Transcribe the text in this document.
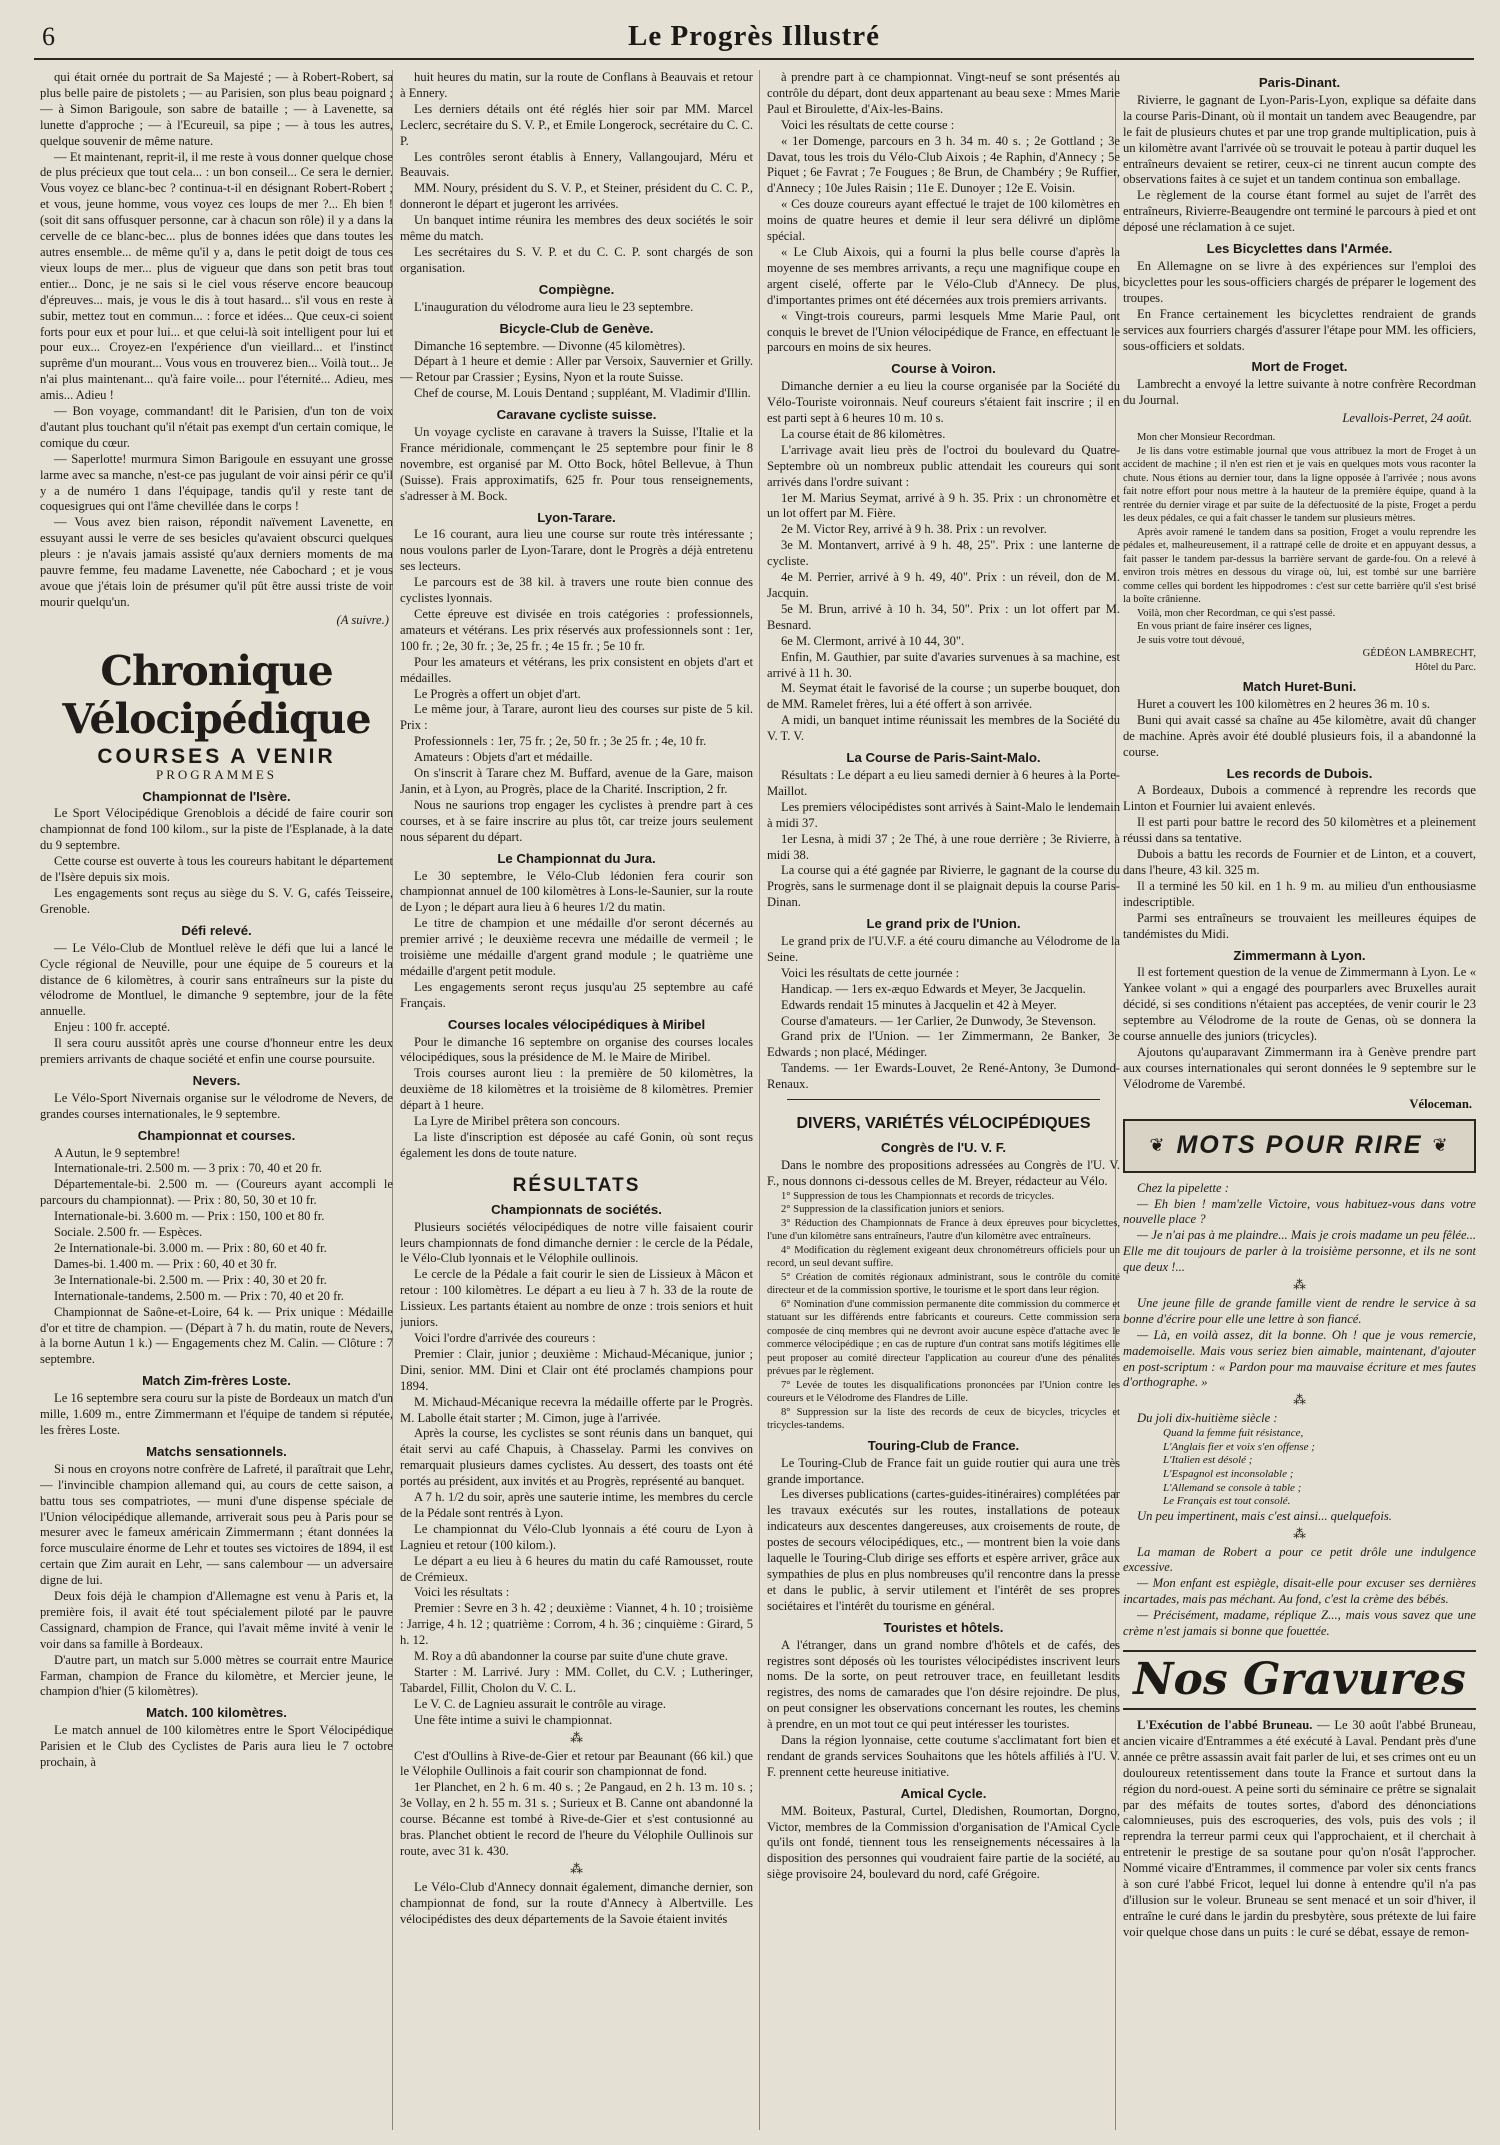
6	Le Progrès Illustré

qui était ornée du portrait de Sa Majesté ; — à Robert-Robert, sa plus belle paire de pistolets ; — au Parisien, son plus beau poignard ; — à Simon Barigoule, son sabre de bataille ; — à Lavenette, sa lunette d'approche ; — à l'Ecureuil, sa pipe ; — à tous les autres, quelque souvenir de même nature.

— Et maintenant, reprit-il, il me reste à vous donner quelque chose de plus précieux que tout cela... : un bon conseil... Ce sera le dernier. Vous voyez ce blanc-bec ? continua-t-il en désignant Robert-Robert ; et vous, jeune homme, vous voyez ces loups de mer ?... Eh bien ! (soit dit sans offusquer personne, car à chacun son rôle) il y a dans la cervelle de ce blanc-bec... plus de bonnes idées que dans toutes les autres ensemble... de même qu'il y a, dans le petit doigt de tous ces vieux loups de mer... plus de vigueur que dans son petit bras tout entier... Donc, je ne sais si le ciel vous réserve encore beaucoup d'épreuves... mais, je vous le dis à tout hasard... s'il vous en reste à subir, mettez tout en commun... : force et idées... Que ceux-ci soient forts pour eux et pour lui... et que celui-là soit intelligent pour lui et pour eux... Croyez-en l'expérience d'un vieillard... et l'instinct suprême d'un mourant... Vous vous en trouverez bien... Voilà tout... Je n'ai plus maintenant... qu'à faire voile... pour l'éternité... Adieu, mes amis... Adieu !

— Bon voyage, commandant! dit le Parisien, d'un ton de voix d'autant plus touchant qu'il n'était pas exempt d'un certain comique, le comique du cœur.

— Saperlotte! murmura Simon Barigoule en essuyant une grosse larme avec sa manche, n'est-ce pas jugulant de voir ainsi périr ce qu'il y a de numéro 1 dans l'équipage, tandis qu'il y reste tant de coquesigrues qui ont l'âme chevillée dans le corps !

— Vous avez bien raison, répondit naïvement Lavenette, en essuyant aussi le verre de ses besicles qu'avaient obscurci quelques pleurs : je n'avais jamais assisté qu'aux derniers moments de ma pauvre femme, feu madame Lavenette, née Cabochard ; et je vous avoue que j'étais loin de présumer qu'il pût être aussi triste de voir mourir quelqu'un.

(A suivre.)

Chronique Vélocipédique
COURSES A VENIR
PROGRAMMES
Championnat de l'Isère.

Le Sport Vélocipédique Grenoblois a décidé de faire courir son championnat de fond 100 kilom., sur la piste de l'Esplanade, à la date du 9 septembre.

Cette course est ouverte à tous les coureurs habitant le département de l'Isère depuis six mois.

Les engagements sont reçus au siège du S. V. G, cafés Teisseire, Grenoble.

Défi relevé.

— Le Vélo-Club de Montluel relève le défi que lui a lancé le Cycle régional de Neuville, pour une équipe de 5 coureurs et la distance de 6 kilomètres, à courir sans entraîneurs sur la piste du vélodrome de Montluel, le dimanche 9 septembre, jour de la fête annuelle.

Enjeu : 100 fr. accepté.

Il sera couru aussitôt après une course d'honneur entre les deux premiers arrivants de chaque société et enfin une course poursuite.

Nevers.

Le Vélo-Sport Nivernais organise sur le vélodrome de Nevers, de grandes courses internationales, le 9 septembre.

Championnat et courses.

A Autun, le 9 septembre!

Internationale-tri. 2.500 m. — 3 prix : 70, 40 et 20 fr.

Départementale-bi. 2.500 m. — (Coureurs ayant accompli le parcours du championnat). — Prix : 80, 50, 30 et 10 fr.

Internationale-bi. 3.600 m. — Prix : 150, 100 et 80 fr.

Sociale. 2.500 fr. — Espèces.

2e Internationale-bi. 3.000 m. — Prix : 80, 60 et 40 fr.

Dames-bi. 1.400 m. — Prix : 60, 40 et 30 fr.

3e Internationale-bi. 2.500 m. — Prix : 40, 30 et 20 fr.

Internationale-tandems, 2.500 m. — Prix : 70, 40 et 20 fr.

Championnat de Saône-et-Loire, 64 k. — Prix unique : Médaille d'or et titre de champion. — (Départ à 7 h. du matin, route de Nevers, à la borne Autun 1 k.) — Engagements chez M. Calin. — Clôture : 7 septembre.

Match Zim-frères Loste.

Le 16 septembre sera couru sur la piste de Bordeaux un match d'un mille, 1.609 m., entre Zimmermann et l'équipe de tandem si réputée, les frères Loste.

Matchs sensationnels.

Si nous en croyons notre confrère de Lafreté, il paraîtrait que Lehr, — l'invincible champion allemand qui, au cours de cette saison, a battu tous ses compatriotes, — muni d'une dispense spéciale de l'Union vélocipédique allemande, arriverait sous peu à Paris pour se mesurer avec le fameux américain Zimmermann ; étant données la force musculaire énorme de Lehr et toutes ses victoires de 1894, il est certain que Zim aurait en Lehr, — sans calembour — un adversaire digne de lui.

Deux fois déjà le champion d'Allemagne est venu à Paris et, la première fois, il avait été tout spécialement piloté par le pauvre Cassignard, champion de France, qui l'avait même invité à venir le voir dans sa famille à Bordeaux.

D'autre part, un match sur 5.000 mètres se courrait entre Maurice Farman, champion de France du kilomètre, et Mercier jeune, le champion d'hier (5 kilomètres).

Match. 100 kilomètres.

Le match annuel de 100 kilomètres entre le Sport Vélocipédique Parisien et le Club des Cyclistes de Paris aura lieu le 7 octobre prochain, à

huit heures du matin, sur la route de Conflans à Beauvais et retour à Ennery.

Les derniers détails ont été réglés hier soir par MM. Marcel Leclerc, secrétaire du S. V. P., et Emile Longerock, secrétaire du C. C. P.

Les contrôles seront établis à Ennery, Vallangoujard, Méru et Beauvais.

MM. Noury, président du S. V. P., et Steiner, président du C. C. P., donneront le départ et jugeront les arrivées.

Un banquet intime réunira les membres des deux sociétés le soir même du match.

Les secrétaires du S. V. P. et du C. C. P. sont chargés de son organisation.

Compiègne.

L'inauguration du vélodrome aura lieu le 23 septembre.

Bicycle-Club de Genève.

Dimanche 16 septembre. — Divonne (45 kilomètres).

Départ à 1 heure et demie : Aller par Versoix, Sauvernier et Grilly. — Retour par Crassier ; Eysins, Nyon et la route Suisse.

Chef de course, M. Louis Dentand ; suppléant, M. Vladimir d'Illin.

Caravane cycliste suisse.

Un voyage cycliste en caravane à travers la Suisse, l'Italie et la France méridionale, commençant le 25 septembre pour finir le 8 novembre, est organisé par M. Otto Bock, hôtel Bellevue, à Thun (Suisse). Frais approximatifs, 625 fr. Pour tous renseignements, s'adresser à M. Bock.

Lyon-Tarare.

Le 16 courant, aura lieu une course sur route très intéressante ; nous voulons parler de Lyon-Tarare, dont le Progrès a déjà entretenu ses lecteurs.

Le parcours est de 38 kil. à travers une route bien connue des cyclistes lyonnais.

Cette épreuve est divisée en trois catégories : professionnels, amateurs et vétérans. Les prix réservés aux professionnels sont : 1er, 100 fr. ; 2e, 30 fr. ; 3e, 25 fr. ; 4e 15 fr. ; 5e 10 fr.

Pour les amateurs et vétérans, les prix consistent en objets d'art et médailles.

Le Progrès a offert un objet d'art.

Le même jour, à Tarare, auront lieu des courses sur piste de 5 kil. Prix :

Professionnels : 1er, 75 fr. ; 2e, 50 fr. ; 3e 25 fr. ; 4e, 10 fr.

Amateurs : Objets d'art et médaille.

On s'inscrit à Tarare chez M. Buffard, avenue de la Gare, maison Janin, et à Lyon, au Progrès, place de la Charité. Inscription, 2 fr.

Nous ne saurions trop engager les cyclistes à prendre part à ces courses, et à se faire inscrire au plus tôt, car treize jours seulement nous séparent du départ.

Le Championnat du Jura.

Le 30 septembre, le Vélo-Club lédonien fera courir son championnat annuel de 100 kilomètres à Lons-le-Saunier, sur la route de Lyon ; le départ aura lieu à 6 heures 1/2 du matin.

Le titre de champion et une médaille d'or seront décernés au premier arrivé ; le deuxième recevra une médaille de vermeil ; le troisième une médaille d'argent grand module ; le quatrième une médaille d'argent petit module.

Les engagements seront reçus jusqu'au 25 septembre au café Français.

Courses locales vélocipédiques à Miribel

Pour le dimanche 16 septembre on organise des courses locales vélocipédiques, sous la présidence de M. le Maire de Miribel.

Trois courses auront lieu : la première de 50 kilomètres, la deuxième de 18 kilomètres et la troisième de 8 kilomètres. Premier départ à 1 heure.

La Lyre de Miribel prêtera son concours.

La liste d'inscription est déposée au café Gonin, où sont reçus également les dons de toute nature.

RÉSULTATS
Championnats de sociétés.

Plusieurs sociétés vélocipédiques de notre ville faisaient courir leurs championnats de fond dimanche dernier : le cercle de la Pédale, le Vélo-Club lyonnais et le Vélophile oullinois.

Le cercle de la Pédale a fait courir le sien de Lissieux à Mâcon et retour : 100 kilomètres. Le départ a eu lieu à 7 h. 33 de la route de Lissieux. Les partants étaient au nombre de onze : trois seniors et huit juniors.

Voici l'ordre d'arrivée des coureurs :

Premier : Clair, junior ; deuxième : Michaud-Mécanique, junior ; Dini, senior. MM. Dini et Clair ont été proclamés champions pour 1894.

M. Michaud-Mécanique recevra la médaille offerte par le Progrès. M. Labolle était starter ; M. Cimon, juge à l'arrivée.

Après la course, les cyclistes se sont réunis dans un banquet, qui était servi au café Chapuis, à Chasselay. Parmi les convives on remarquait plusieurs dames cyclistes. Au dessert, des toasts ont été portés au président, aux invités et au Progrès, représenté au banquet.

A 7 h. 1/2 du soir, après une sauterie intime, les membres du cercle de la Pédale sont rentrés à Lyon.

Le championnat du Vélo-Club lyonnais a été couru de Lyon à Lagnieu et retour (100 kilom.).

Le départ a eu lieu à 6 heures du matin du café Ramousset, route de Crémieux.

Voici les résultats :

Premier : Sevre en 3 h. 42 ; deuxième : Viannet, 4 h. 10 ; troisième : Jarrige, 4 h. 12 ; quatrième : Corrom, 4 h. 36 ; cinquième : Girard, 5 h. 12.

M. Roy a dû abandonner la course par suite d'une chute grave.

Starter : M. Larrivé. Jury : MM. Collet, du C.V. ; Lutheringer, Tabardel, Fillit, Cholon du V. C. L.

Le V. C. de Lagnieu assurait le contrôle au virage.

Une fête intime a suivi le championnat.

⁂

C'est d'Oullins à Rive-de-Gier et retour par Beaunant (66 kil.) que le Vélophile Oullinois a fait courir son championnat de fond.

1er Planchet, en 2 h. 6 m. 40 s. ; 2e Pangaud, en 2 h. 13 m. 10 s. ; 3e Vollay, en 2 h. 55 m. 31 s. ; Surieux et B. Canne ont abandonné la course. Bécanne est tombé à Rive-de-Gier et s'est contusionné au bras. Planchet obtient le record de l'heure du Vélophile Oullinois sur route, avec 31 k. 430.

⁂

Le Vélo-Club d'Annecy donnait également, dimanche dernier, son championnat de fond, sur la route d'Annecy à Albertville. Les vélocipédistes des deux départements de la Savoie étaient invités

à prendre part à ce championnat. Vingt-neuf se sont présentés au contrôle du départ, dont deux appartenant au beau sexe : Mmes Marie Paul et Biroulette, d'Aix-les-Bains.

Voici les résultats de cette course :

« 1er Domenge, parcours en 3 h. 34 m. 40 s. ; 2e Gottland ; 3e Davat, tous les trois du Vélo-Club Aixois ; 4e Raphin, d'Annecy ; 5e Piquet ; 6e Favrat ; 7e Fougues ; 8e Brun, de Chambéry ; 9e Ruffier, d'Annecy ; 10e Jules Raisin ; 11e E. Dunoyer ; 12e E. Voisin.

« Ces douze coureurs ayant effectué le trajet de 100 kilomètres en moins de quatre heures et demie il leur sera délivré un diplôme spécial.

« Le Club Aixois, qui a fourni la plus belle course d'après la moyenne de ses membres arrivants, a reçu une magnifique coupe en argent ciselé, offerte par le Vélo-Club d'Annecy. De plus, d'importantes primes ont été décernées aux trois premiers arrivants.

« Vingt-trois coureurs, parmi lesquels Mme Marie Paul, ont conquis le brevet de l'Union vélocipédique de France, en effectuant le parcours en moins de six heures.

Course à Voiron.

Dimanche dernier a eu lieu la course organisée par la Société du Vélo-Touriste voironnais. Neuf coureurs s'étaient fait inscrire ; il en est parti sept à 6 heures 10 m. 10 s.

La course était de 86 kilomètres.

L'arrivage avait lieu près de l'octroi du boulevard du Quatre-Septembre où un nombreux public attendait les coureurs qui sont arrivés dans l'ordre suivant :

1er M. Marius Seymat, arrivé à 9 h. 35. Prix : un chronomètre et un lot offert par M. Fière.

2e M. Victor Rey, arrivé à 9 h. 38. Prix : un revolver.

3e M. Montanvert, arrivé à 9 h. 48, 25". Prix : une lanterne de cycliste.

4e M. Perrier, arrivé à 9 h. 49, 40". Prix : un réveil, don de M. Jacquin.

5e M. Brun, arrivé à 10 h. 34, 50". Prix : un lot offert par M. Besnard.

6e M. Clermont, arrivé à 10 44, 30".

Enfin, M. Gauthier, par suite d'avaries survenues à sa machine, est arrivé à 11 h. 30.

M. Seymat était le favorisé de la course ; un superbe bouquet, don de MM. Ramelet frères, lui a été offert à son arrivée.

A midi, un banquet intime réunissait les membres de la Société du V. T. V.

La Course de Paris-Saint-Malo.

Résultats : Le départ a eu lieu samedi dernier à 6 heures à la Porte-Maillot.

Les premiers vélocipédistes sont arrivés à Saint-Malo le lendemain à midi 37.

1er Lesna, à midi 37 ; 2e Thé, à une roue derrière ; 3e Rivierre, à midi 38.

La course qui a été gagnée par Rivierre, le gagnant de la course du Progrès, sans le surmenage dont il se plaignait depuis la course Paris-Dinan.

Le grand prix de l'Union.

Le grand prix de l'U.V.F. a été couru dimanche au Vélodrome de la Seine.

Voici les résultats de cette journée :

Handicap. — 1ers ex-æquo Edwards et Meyer, 3e Jacquelin.

Edwards rendait 15 minutes à Jacquelin et 42 à Meyer.

Course d'amateurs. — 1er Carlier, 2e Dunwody, 3e Stevenson.

Grand prix de l'Union. — 1er Zimmermann, 2e Banker, 3e Edwards ; non placé, Médinger.

Tandems. — 1er Ewards-Louvet, 2e René-Antony, 3e Dumond-Renaux.

DIVERS, VARIÉTÉS VÉLOCIPÉDIQUES
Congrès de l'U. V. F.

Dans le nombre des propositions adressées au Congrès de l'U. V. F., nous donnons ci-dessous celles de M. Breyer, rédacteur au Vélo.

1° Suppression de tous les Championnats et records de tricycles.

2° Suppression de la classification juniors et seniors.

3° Réduction des Championnats de France à deux épreuves pour bicyclettes, l'une d'un kilomètre sans entraîneurs, l'autre d'un kilomètre avec entraîneurs.

4° Modification du règlement exigeant deux chronométreurs officiels pour un record, un seul devant suffire.

5° Création de comités régionaux administrant, sous le contrôle du comité directeur et de la commission sportive, le tourisme et le sport dans leur région.

6° Nomination d'une commission permanente dite commission du commerce et statuant sur les différends entre fabricants et coureurs. Cette commission sera composée de cinq membres qui ne devront avoir aucune espèce d'attache avec le commerce vélocipédique ; en cas de rupture d'un contrat sans motifs légitimes elle peut proposer au comité directeur l'application au coureur d'une des pénalités prévues par le règlement.

7° Levée de toutes les disqualifications prononcées par l'Union contre les coureurs et le Vélodrome des Flandres de Lille.

8° Suppression sur la liste des records de ceux de bicycles, tricycles et tricycles-tandems.

Touring-Club de France.

Le Touring-Club de France fait un guide routier qui aura une très grande importance.

Les diverses publications (cartes-guides-itinéraires) complétées par les travaux exécutés sur les routes, installations de poteaux indicateurs aux descentes dangereuses, aux croisements de route, de postes de secours vélocipédiques, etc., — montrent bien la voie dans laquelle le Touring-Club dirige ses efforts et espère arriver, grâce aux sympathies de plus en plus nombreuses qu'il rencontre dans la presse et dans le public, à servir utilement et l'intérêt de ses propres sociétaires et l'intérêt du tourisme en général.

Touristes et hôtels.

A l'étranger, dans un grand nombre d'hôtels et de cafés, des registres sont déposés où les touristes vélocipédistes inscrivent leurs noms. De la sorte, on peut retrouver trace, en feuilletant lesdits registres, des noms de camarades que l'on désire rejoindre. De plus, on peut consigner les observations concernant les routes, les chemins à prendre, en un mot tout ce qui peut intéresser les touristes.

Dans la région lyonnaise, cette coutume s'acclimatant fort bien et rendant de grands services Souhaitons que les hôtels affiliés à l'U. V. F. prennent cette heureuse initiative.

Amical Cycle.

MM. Boiteux, Pastural, Curtel, Dledishen, Roumortan, Dorgno, Victor, membres de la Commission d'organisation de l'Amical Cycle qu'ils ont fondé, tiennent tous les renseignements nécessaires à la disposition des personnes qui voudraient faire partie de la société, au siège provisoire 24, boulevard du nord, café Grégoire.

Paris-Dinant.

Rivierre, le gagnant de Lyon-Paris-Lyon, explique sa défaite dans la course Paris-Dinant, où il montait un tandem avec Beaugendre, par le fait de plusieurs chutes et par une trop grande multiplication, puis à un kilomètre avant l'arrivée où se trouvait le poteau à partir duquel les entraîneurs devaient se retirer, ceux-ci ne tinrent aucun compte des observations faites à ce sujet et un tandem continua son emballage.

Le règlement de la course étant formel au sujet de l'arrêt des entraîneurs, Rivierre-Beaugendre ont terminé le parcours à pied et ont déposé une réclamation à ce sujet.

Les Bicyclettes dans l'Armée.

En Allemagne on se livre à des expériences sur l'emploi des bicyclettes pour les sous-officiers chargés de préparer le logement des troupes.

En France certainement les bicyclettes rendraient de grands services aux fourriers chargés d'assurer l'étape pour MM. les officiers, sous-officiers et soldats.

Mort de Froget.

Lambrecht a envoyé la lettre suivante à notre confrère Recordman du Journal.

Levallois-Perret, 24 août.

Mon cher Monsieur Recordman.

Je lis dans votre estimable journal que vous attribuez la mort de Froget à un accident de machine ; il n'en est rien et je vais en quelques mots vous raconter la chute. Nous étions au dernier tour, dans la ligne opposée à l'arrivée ; nous avons fait notre effort pour nous mettre à la hauteur de la première équipe, quand à la rentrée du dernier virage et par suite de la défectuosité de la piste, Froget a perdu les deux pédales, ce qui a fait chasser le tandem sur plusieurs mètres.

Après avoir ramené le tandem dans sa position, Froget a voulu reprendre les pédales et, malheureusement, il a rattrapé celle de droite et en appuyant dessus, a fait passer le tandem par-dessus la barrière servant de garde-fou. On a relevé à environ trois mètres en dessous du virage où, lui, est tombé sur une barrière comme celles qui bordent les hippodromes : c'est sur cette barrière qu'il s'est brisé la boîte crânienne.

Voilà, mon cher Recordman, ce qui s'est passé.

En vous priant de faire insérer ces lignes,

Je suis votre tout dévoué,

GÉDÉON LAMBRECHT,

Hôtel du Parc.

Match Huret-Buni.

Huret a couvert les 100 kilomètres en 2 heures 36 m. 10 s.

Buni qui avait cassé sa chaîne au 45e kilomètre, avait dû changer de machine. Après avoir été doublé plusieurs fois, il a abandonné la course.

Les records de Dubois.

A Bordeaux, Dubois a commencé à reprendre les records que Linton et Fournier lui avaient enlevés.

Il est parti pour battre le record des 50 kilomètres et a pleinement réussi dans sa tentative.

Dubois a battu les records de Fournier et de Linton, et a couvert, dans l'heure, 43 kil. 325 m.

Il a terminé les 50 kil. en 1 h. 9 m. au milieu d'un enthousiasme indescriptible.

Parmi ses entraîneurs se trouvaient les meilleures équipes de tandémistes du Midi.

Zimmermann à Lyon.

Il est fortement question de la venue de Zimmermann à Lyon. Le « Yankee volant » qui a engagé des pourparlers avec Bruxelles aurait décidé, si ses conditions n'étaient pas acceptées, de venir courir le 23 septembre au Vélodrome de la route de Genas, où se donnera la course annuelle des juniors (tricycles).

Ajoutons qu'auparavant Zimmermann ira à Genève prendre part aux courses internationales qui seront données le 9 septembre sur le Vélodrome de Varembé.

Véloceman.

❦ MOTS POUR RIRE ❦

Chez la pipelette :

— Eh bien ! mam'zelle Victoire, vous habituez-vous dans votre nouvelle place ?

— Je n'ai pas à me plaindre... Mais je crois madame un peu fêlée... Elle me dit toujours de parler à la troisième personne, et ils ne sont que deux !...

⁂

Une jeune fille de grande famille vient de rendre le service à sa bonne d'écrire pour elle une lettre à son fiancé.

— Là, en voilà assez, dit la bonne. Oh ! que je vous remercie, mademoiselle. Mais vous seriez bien aimable, maintenant, d'ajouter en post-scriptum : « Pardon pour ma mauvaise écriture et mes fautes d'orthographe. »

⁂

Du joli dix-huitième siècle :

Quand la femme fuit résistance,

L'Anglais fier et voix s'en offense ;

L'Italien est désolé ;

L'Espagnol est inconsolable ;

L'Allemand se console à table ;

Le Français est tout consolé.

Un peu impertinent, mais c'est ainsi... quelquefois.

⁂

La maman de Robert a pour ce petit drôle une indulgence excessive.

— Mon enfant est espiègle, disait-elle pour excuser ses dernières incartades, mais pas méchant. Au fond, c'est la crème des bébés.

— Précisément, madame, réplique Z..., mais vous savez que une crème n'est jamais si bonne que fouettée.

Nos Gravures

L'Exécution de l'abbé Bruneau. — Le 30 août l'abbé Bruneau, ancien vicaire d'Entrammes a été exécuté à Laval. Pendant près d'une année ce prêtre assassin avait fait parler de lui, et ses crimes ont eu un douloureux retentissement dans toute la France et surtout dans la région du nord-ouest. A peine sorti du séminaire ce prêtre se signalait par des méfaits de toutes sortes, d'abord des dénonciations calomnieuses, puis des escroqueries, des vols, puis des vols ; il reprendra la terreur parmi ceux qui l'approchaient, et il cherchait à entretenir le prestige de sa soutane pour qu'on n'osât l'approcher. Nommé vicaire d'Entrammes, il commence par voler six cents francs à son curé l'abbé Fricot, lequel lui donne à entendre qu'il n'a pas d'illusion sur le voleur. Bruneau se sent menacé et un soir d'hiver, il entraîne le curé dans le jardin du presbytère, sous prétexte de lui faire voir quelque chose dans un puits : le curé se débat, essaye de remon-
